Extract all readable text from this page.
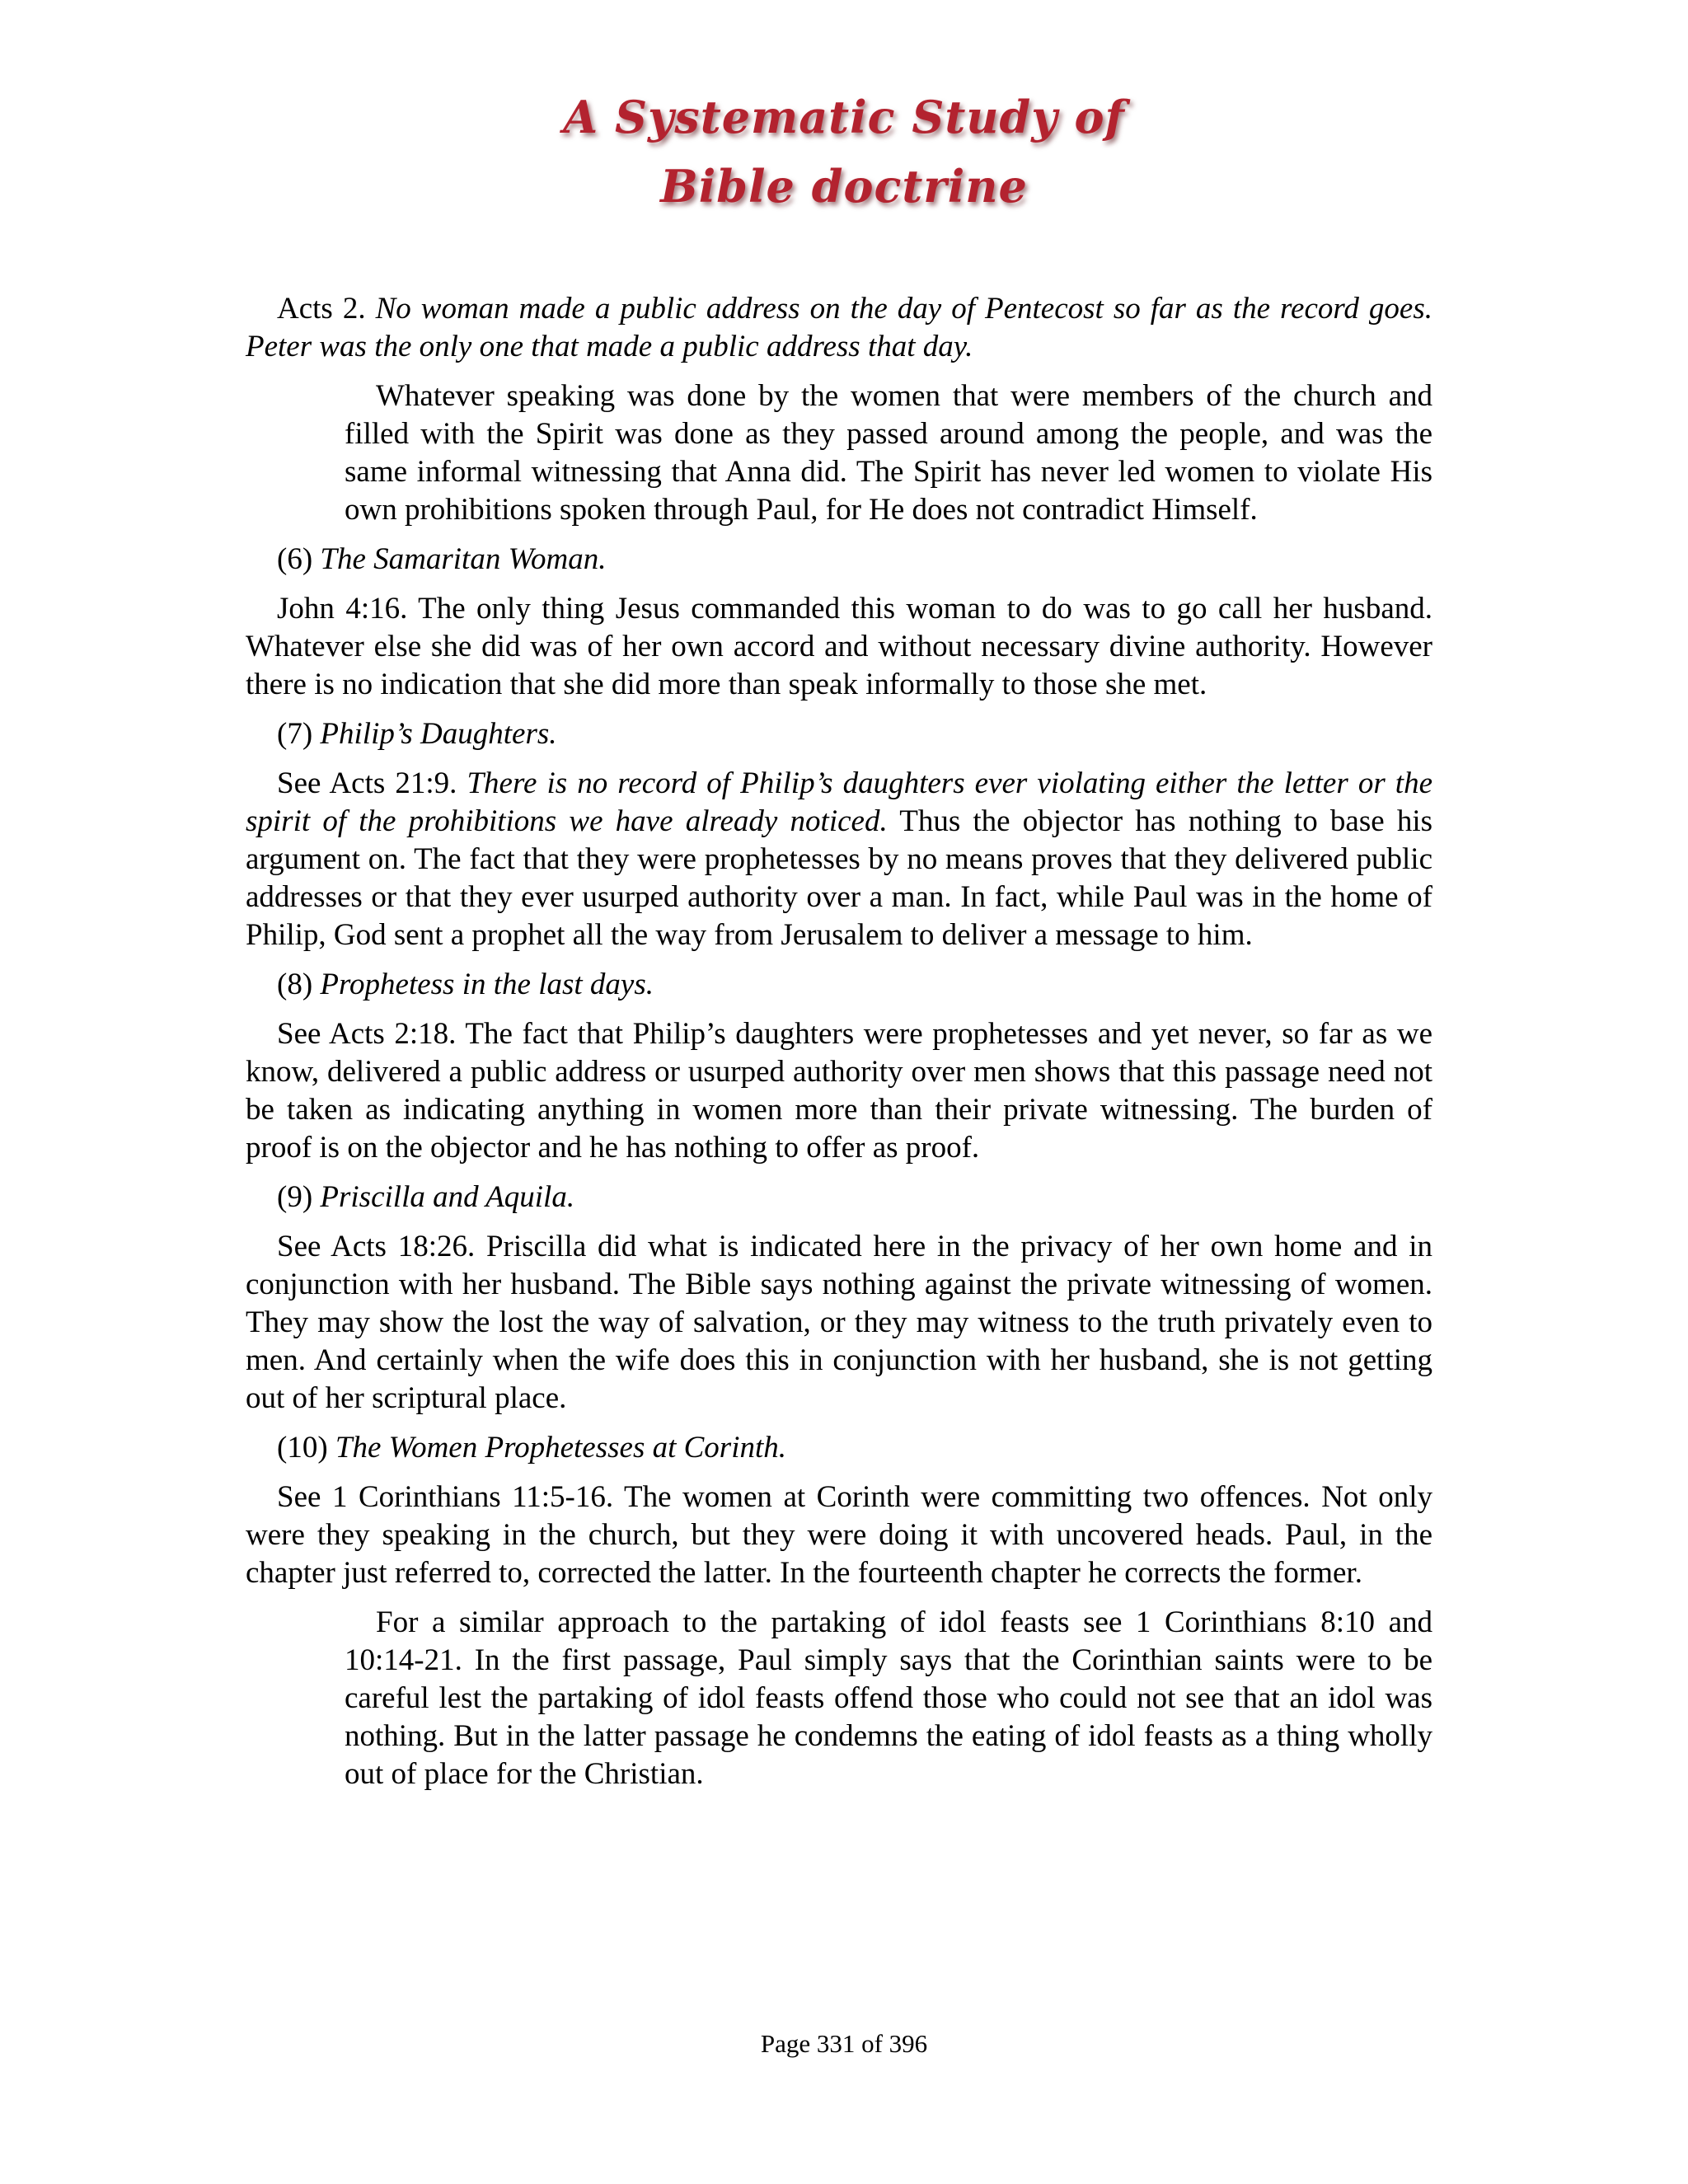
A Systematic Study of
Bible doctrine

Acts 2. No woman made a public address on the day of Pentecost so far as the record goes. Peter was the only one that made a public address that day.

Whatever speaking was done by the women that were members of the church and filled with the Spirit was done as they passed around among the people, and was the same informal witnessing that Anna did. The Spirit has never led women to violate His own prohibitions spoken through Paul, for He does not contradict Himself.

(6) The Samaritan Woman.

John 4:16. The only thing Jesus commanded this woman to do was to go call her husband. Whatever else she did was of her own accord and without necessary divine authority. However there is no indication that she did more than speak informally to those she met.

(7) Philip’s Daughters.

See Acts 21:9. There is no record of Philip’s daughters ever violating either the letter or the spirit of the prohibitions we have already noticed. Thus the objector has nothing to base his argument on. The fact that they were prophetesses by no means proves that they delivered public addresses or that they ever usurped authority over a man. In fact, while Paul was in the home of Philip, God sent a prophet all the way from Jerusalem to deliver a message to him.

(8) Prophetess in the last days.

See Acts 2:18. The fact that Philip’s daughters were prophetesses and yet never, so far as we know, delivered a public address or usurped authority over men shows that this passage need not be taken as indicating anything in women more than their private witnessing. The burden of proof is on the objector and he has nothing to offer as proof.

(9) Priscilla and Aquila.

See Acts 18:26. Priscilla did what is indicated here in the privacy of her own home and in conjunction with her husband. The Bible says nothing against the private witnessing of women. They may show the lost the way of salvation, or they may witness to the truth privately even to men. And certainly when the wife does this in conjunction with her husband, she is not getting out of her scriptural place.

(10) The Women Prophetesses at Corinth.

See 1 Corinthians 11:5-16. The women at Corinth were committing two offences. Not only were they speaking in the church, but they were doing it with uncovered heads. Paul, in the chapter just referred to, corrected the latter. In the fourteenth chapter he corrects the former.

For a similar approach to the partaking of idol feasts see 1 Corinthians 8:10 and 10:14-21. In the first passage, Paul simply says that the Corinthian saints were to be careful lest the partaking of idol feasts offend those who could not see that an idol was nothing. But in the latter passage he condemns the eating of idol feasts as a thing wholly out of place for the Christian.

Page 331 of 396
